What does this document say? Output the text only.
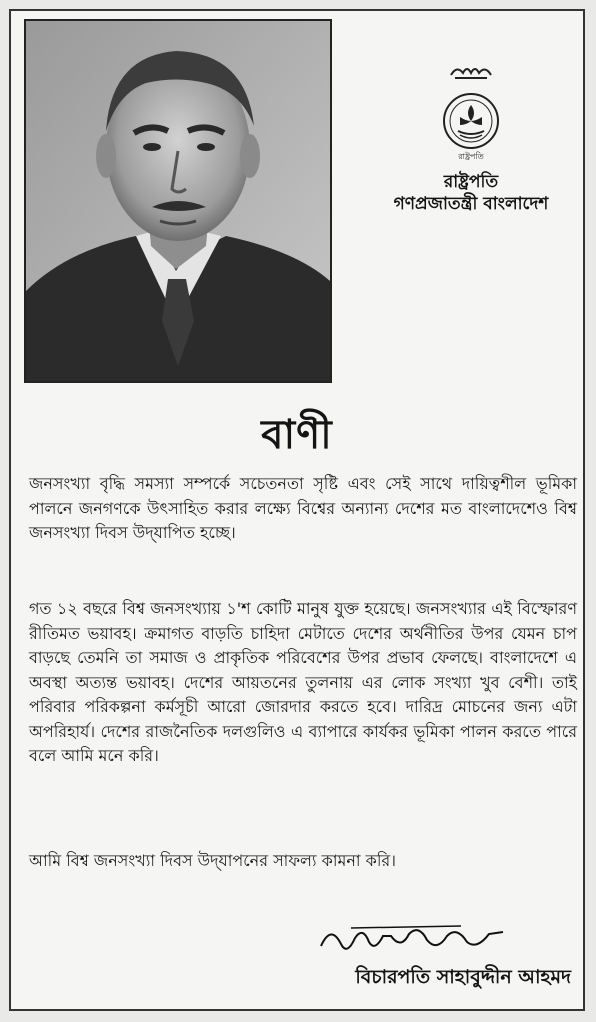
রাষ্ট্রপতি
রাষ্ট্রপতি
গণপ্রজাতন্ত্রী বাংলাদেশ
বাণী
জনসংখ্যা বৃদ্ধি সমস্যা সম্পর্কে সচেতনতা সৃষ্টি এবং সেই সাথে দায়িত্বশীল ভূমিকা পালনে জনগণকে উৎসাহিত করার লক্ষ্যে বিশ্বের অন্যান্য দেশের মত বাংলাদেশেও বিশ্ব জনসংখ্যা দিবস উদ্‌যাপিত হচ্ছে।
গত ১২ বছরে বিশ্ব জনসংখ্যায় ১'শ কোটি মানুষ যুক্ত হয়েছে। জনসংখ্যার এই বিস্ফোরণ রীতিমত ভয়াবহ। ক্রমাগত বাড়তি চাহিদা মেটাতে দেশের অর্থনীতির উপর যেমন চাপ বাড়ছে তেমনি তা সমাজ ও প্রাকৃতিক পরিবেশের উপর প্রভাব ফেলছে। বাংলাদেশে এ অবস্থা অত্যন্ত ভয়াবহ। দেশের আয়তনের তুলনায় এর লোক সংখ্যা খুব বেশী। তাই পরিবার পরিকল্পনা কর্মসূচী আরো জোরদার করতে হবে। দারিদ্র মোচনের জন্য এটা অপরিহার্য। দেশের রাজনৈতিক দলগুলিও এ ব্যাপারে কার্যকর ভূমিকা পালন করতে পারে বলে আমি মনে করি।
আমি বিশ্ব জনসংখ্যা দিবস উদ্‌যাপনের সাফল্য কামনা করি।
বিচারপতি সাহাবুদ্দীন আহমদ
